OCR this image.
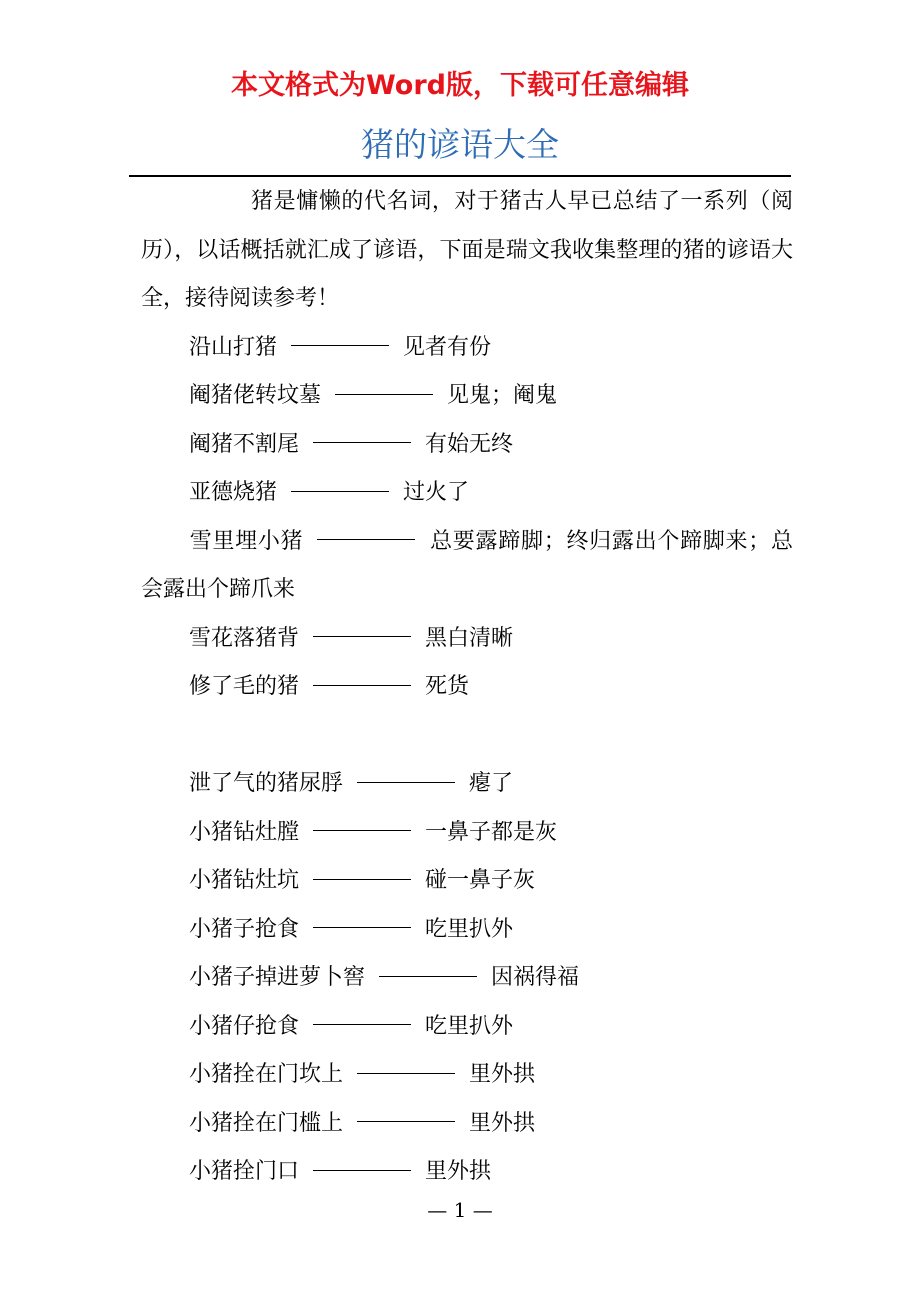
本文格式为Word版，下载可任意编辑
猪的谚语大全

猪是慵懒的代名词，对于猪古人早已总结了一系列（阅历），以话概括就汇成了谚语，下面是瑞文我收集整理的猪的谚语大全，接待阅读参考！

沿山打猪	见者有份

阉猪佬转坟墓	见鬼；阉鬼

阉猪不割尾	有始无终

亚德烧猪	过火了

雪里埋小猪	总要露蹄脚；终归露出个蹄脚来；总会露出个蹄爪来

雪花落猪背	黑白清晰

修了毛的猪	死货

泄了气的猪尿脬	瘪了

小猪钻灶膛	一鼻子都是灰

小猪钻灶坑	碰一鼻子灰

小猪子抢食	吃里扒外

小猪子掉进萝卜窖	因祸得福

小猪仔抢食	吃里扒外

小猪拴在门坎上	里外拱

小猪拴在门槛上	里外拱

小猪拴门口	里外拱

— 1 —
